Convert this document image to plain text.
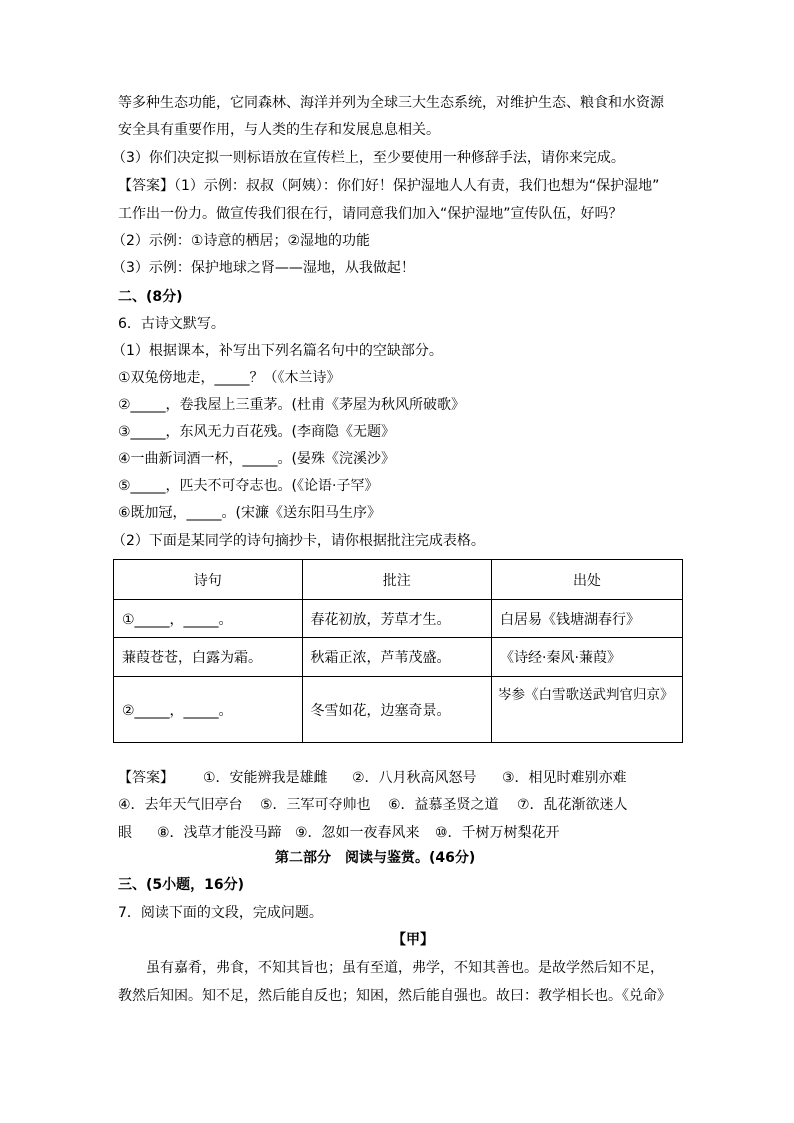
等多种生态功能，它同森林、海洋并列为全球三大生态系统，对维护生态、粮食和水资源
安全具有重要作用，与人类的生存和发展息息相关。
（3）你们决定拟一则标语放在宣传栏上，至少要使用一种修辞手法，请你来完成。
【答案】（1）示例：叔叔（阿姨）：你们好！保护湿地人人有责，我们也想为“保护湿地”
工作出一份力。做宣传我们很在行，请同意我们加入“保护湿地”宣传队伍，好吗？
（2）示例：①诗意的栖居；②湿地的功能
（3）示例：保护地球之肾——湿地，从我做起！
二、(8分)
6．古诗文默写。
（1）根据课本，补写出下列名篇名句中的空缺部分。
①双兔傍地走，_____？（《木兰诗》
②_____，卷我屋上三重茅。(杜甫《茅屋为秋风所破歌》
③_____，东风无力百花残。(李商隐《无题》
④一曲新词酒一杯，_____。(晏殊《浣溪沙》
⑤_____，匹夫不可夺志也。(《论语·子罕》
⑥既加冠，_____。(宋濂《送东阳马生序》
（2）下面是某同学的诗句摘抄卡，请你根据批注完成表格。
诗句	批注	出处
①_____，_____。	春花初放，芳草才生。	白居易《钱塘湖春行》
蒹葭苍苍，白露为霜。	秋霜正浓，芦苇茂盛。	《诗经·秦风·蒹葭》
②_____，_____。	冬雪如花，边塞奇景。	岑参《白雪歌送武判官归京》
【答案】 ①．安能辨我是雄雌 ②．八月秋高风怒号 ③．相见时难别亦难
④．去年天气旧亭台 ⑤．三军可夺帅也 ⑥．益慕圣贤之道 ⑦．乱花渐欲迷人
眼 ⑧．浅草才能没马蹄 ⑨．忽如一夜春风来 ⑩．千树万树梨花开
第二部分　阅读与鉴赏。(46分)
三、(5小题，16分)
7．阅读下面的文段，完成问题。
【甲】
　　虽有嘉肴，弗食，不知其旨也；虽有至道，弗学，不知其善也。是故学然后知不足，
教然后知困。知不足，然后能自反也；知困，然后能自强也。故曰：教学相长也。《兑命》
